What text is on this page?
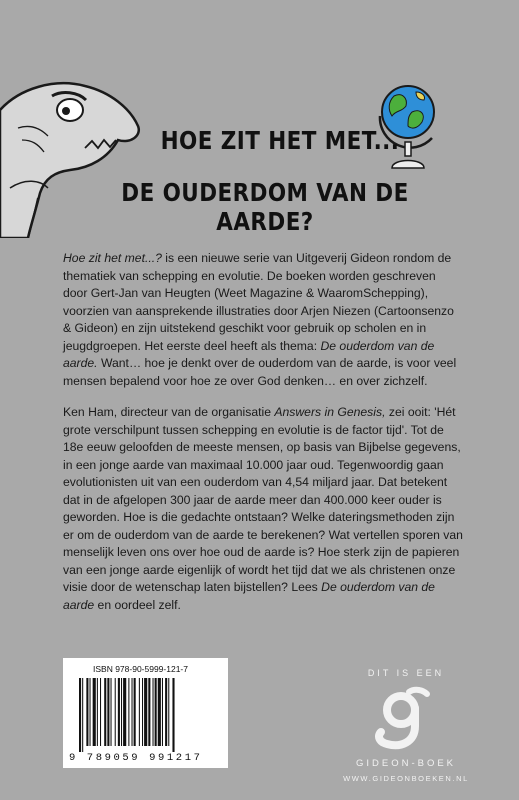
HOE ZIT HET MET...
DE OUDERDOM VAN DE AARDE?

Hoe zit het met...? is een nieuwe serie van Uitgeverij Gideon rondom de thematiek van schepping en evolutie. De boeken worden geschreven door Gert-Jan van Heugten (Weet Magazine & WaaromSchepping), voorzien van aansprekende illustraties door Arjen Niezen (Cartoonsenzo & Gideon) en zijn uitstekend geschikt voor gebruik op scholen en in jeugdgroepen. Het eerste deel heeft als thema: De ouderdom van de aarde. Want… hoe je denkt over de ouderdom van de aarde, is voor veel mensen bepalend voor hoe ze over God denken… en over zichzelf.

Ken Ham, directeur van de organisatie Answers in Genesis, zei ooit: 'Hét grote verschilpunt tussen schepping en evolutie is de factor tijd'. Tot de 18e eeuw geloofden de meeste mensen, op basis van Bijbelse gegevens, in een jonge aarde van maximaal 10.000 jaar oud. Tegenwoordig gaan evolutionisten uit van een ouderdom van 4,54 miljard jaar. Dat betekent dat in de afgelopen 300 jaar de aarde meer dan 400.000 keer ouder is geworden. Hoe is die gedachte ontstaan? Welke dateringsmethoden zijn er om de ouderdom van de aarde te berekenen? Wat vertellen sporen van menselijk leven ons over hoe oud de aarde is? Hoe sterk zijn de papieren van een jonge aarde eigenlijk of wordt het tijd dat we als christenen onze visie door de wetenschap laten bijstellen? Lees De ouderdom van de aarde en oordeel zelf.

ISBN 978-90-5999-121-7
9 789059 991217
DIT IS EEN
GIDEON-BOEK
WWW.GIDEONBOEKEN.NL
